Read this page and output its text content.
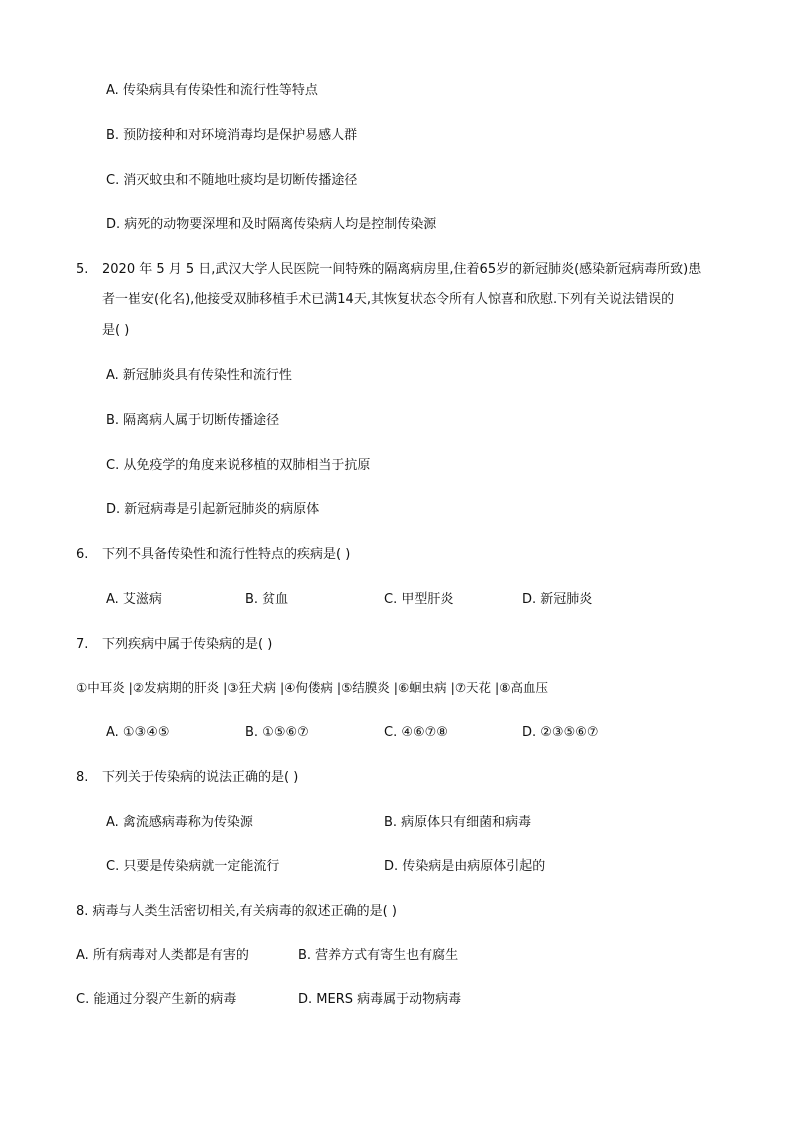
A. 传染病具有传染性和流行性等特点
B. 预防接种和对环境消毒均是保护易感人群
C. 消灭蚊虫和不随地吐痰均是切断传播途径
D. 病死的动物要深埋和及时隔离传染病人均是控制传染源
5. 2020 年 5 月 5 日,武汉大学人民医院一间特殊的隔离病房里,住着65岁的新冠肺炎(感染新冠病毒所致)患
者一崔安(化名),他接受双肺移植手术已满14天,其恢复状态令所有人惊喜和欣慰.下列有关说法错误的
是( )
A. 新冠肺炎具有传染性和流行性
B. 隔离病人属于切断传播途径
C. 从免疫学的角度来说移植的双肺相当于抗原
D. 新冠病毒是引起新冠肺炎的病原体
6. 下列不具备传染性和流行性特点的疾病是( )
A. 艾滋病	B. 贫血	C. 甲型肝炎	D. 新冠肺炎
7. 下列疾病中属于传染病的是( )
①中耳炎 |②发病期的肝炎 |③狂犬病 |④佝偻病 |⑤结膜炎 |⑥蛔虫病 |⑦天花 |⑧高血压
A. ①③④⑤	B. ①⑤⑥⑦	C. ④⑥⑦⑧	D. ②③⑤⑥⑦
8. 下列关于传染病的说法正确的是( )
A. 禽流感病毒称为传染源	B. 病原体只有细菌和病毒
C. 只要是传染病就一定能流行	D. 传染病是由病原体引起的
8. 病毒与人类生活密切相关,有关病毒的叙述正确的是( )
A. 所有病毒对人类都是有害的	B. 营养方式有寄生也有腐生
C. 能通过分裂产生新的病毒	D. MERS 病毒属于动物病毒
